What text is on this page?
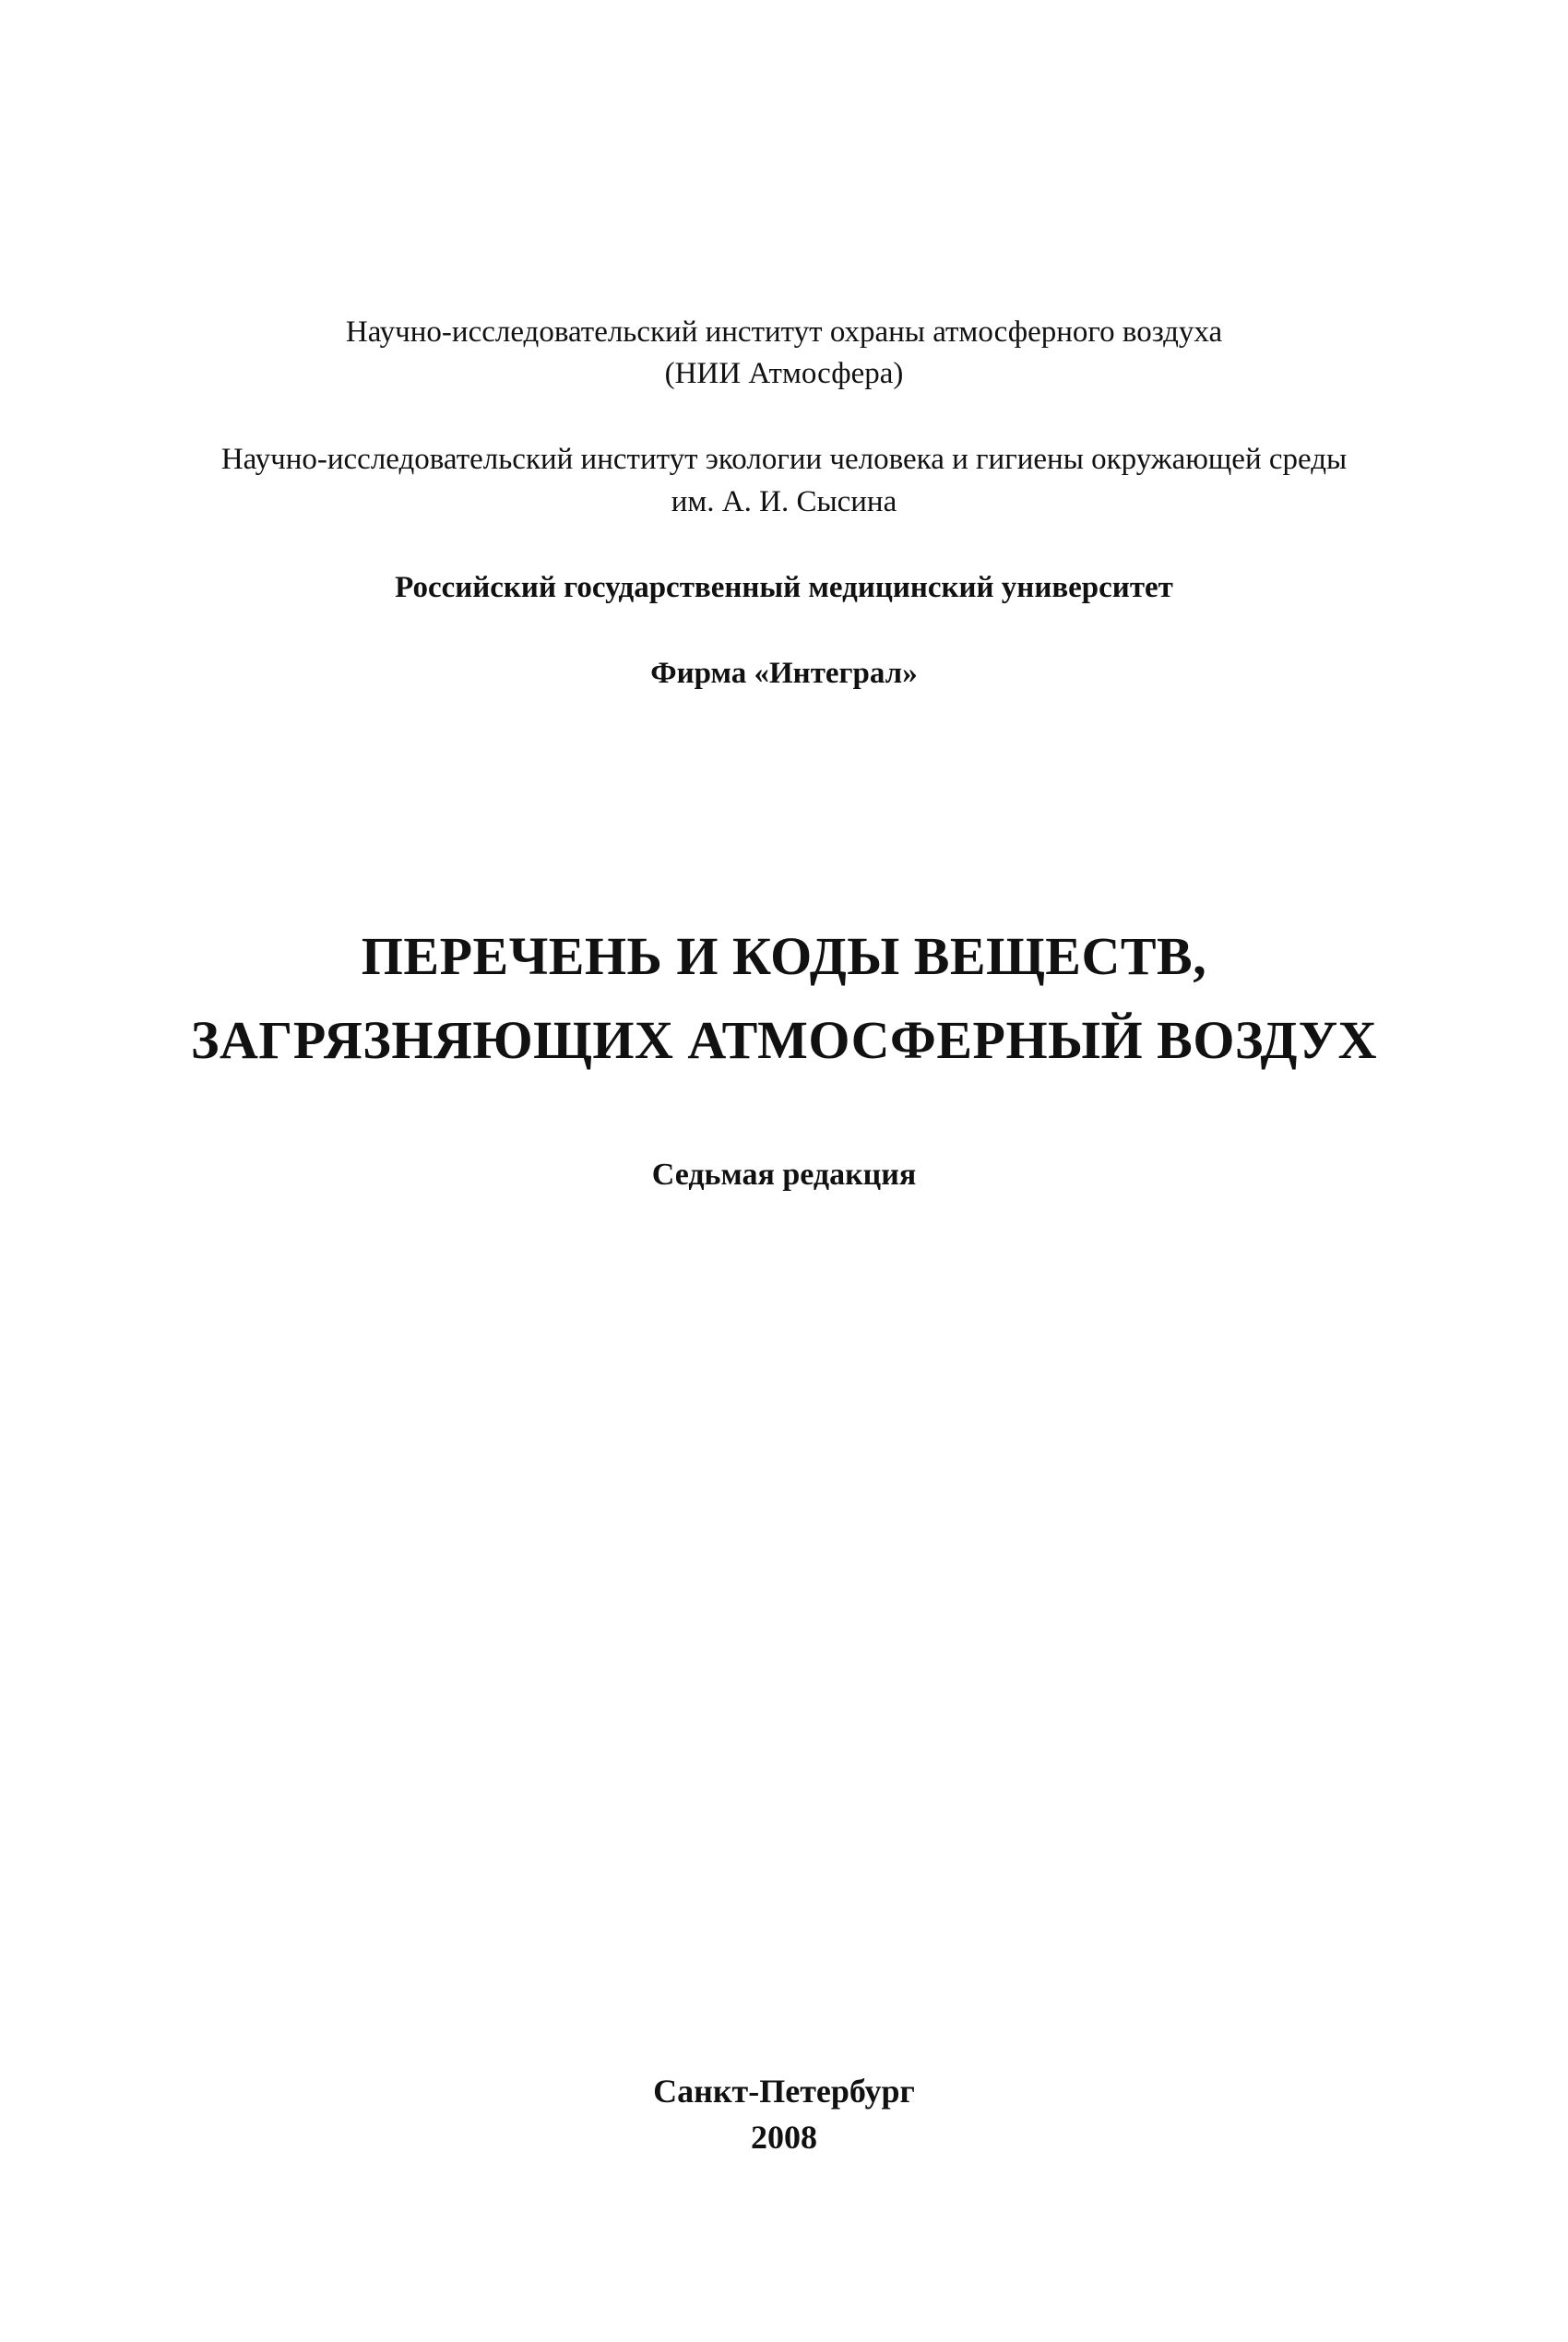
Научно-исследовательский институт охраны атмосферного воздуха
(НИИ Атмосфера)
Научно-исследовательский институт экологии человека и гигиены окружающей среды
им. А. И. Сысина
Российский государственный медицинский университет
Фирма «Интеграл»
ПЕРЕЧЕНЬ И КОДЫ ВЕЩЕСТВ,
ЗАГРЯЗНЯЮЩИХ АТМОСФЕРНЫЙ ВОЗДУХ
Седьмая редакция
Санкт-Петербург
2008
